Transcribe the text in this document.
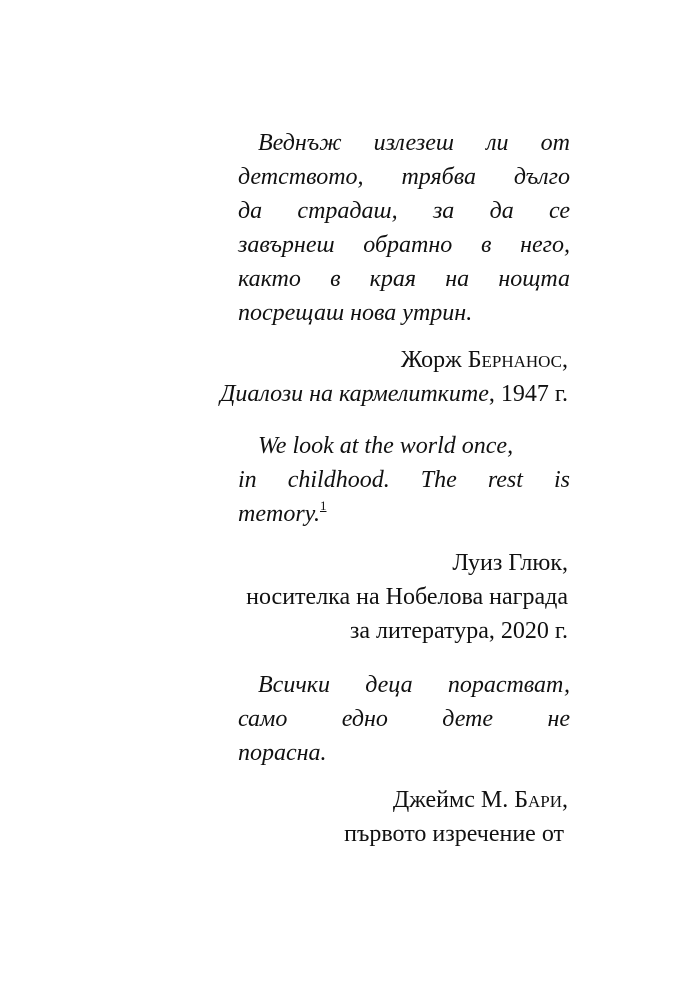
Веднъж излезеш ли от
детството, трябва дълго
да страдаш, за да се
завърнеш обратно в него,
както в края на нощта
посрещаш нова утрин.
Жорж Бернанос,
Диалози на кармелитките, 1947 г.
We look at the world once,
in childhood. The rest is
memory.$^1$
Луиз Глюк,
носителка на Нобелова награда
за литература, 2020 г.
Всички деца порастват,
само едно дете не
порасна.
Джеймс М. Бари,
първото изречение от
